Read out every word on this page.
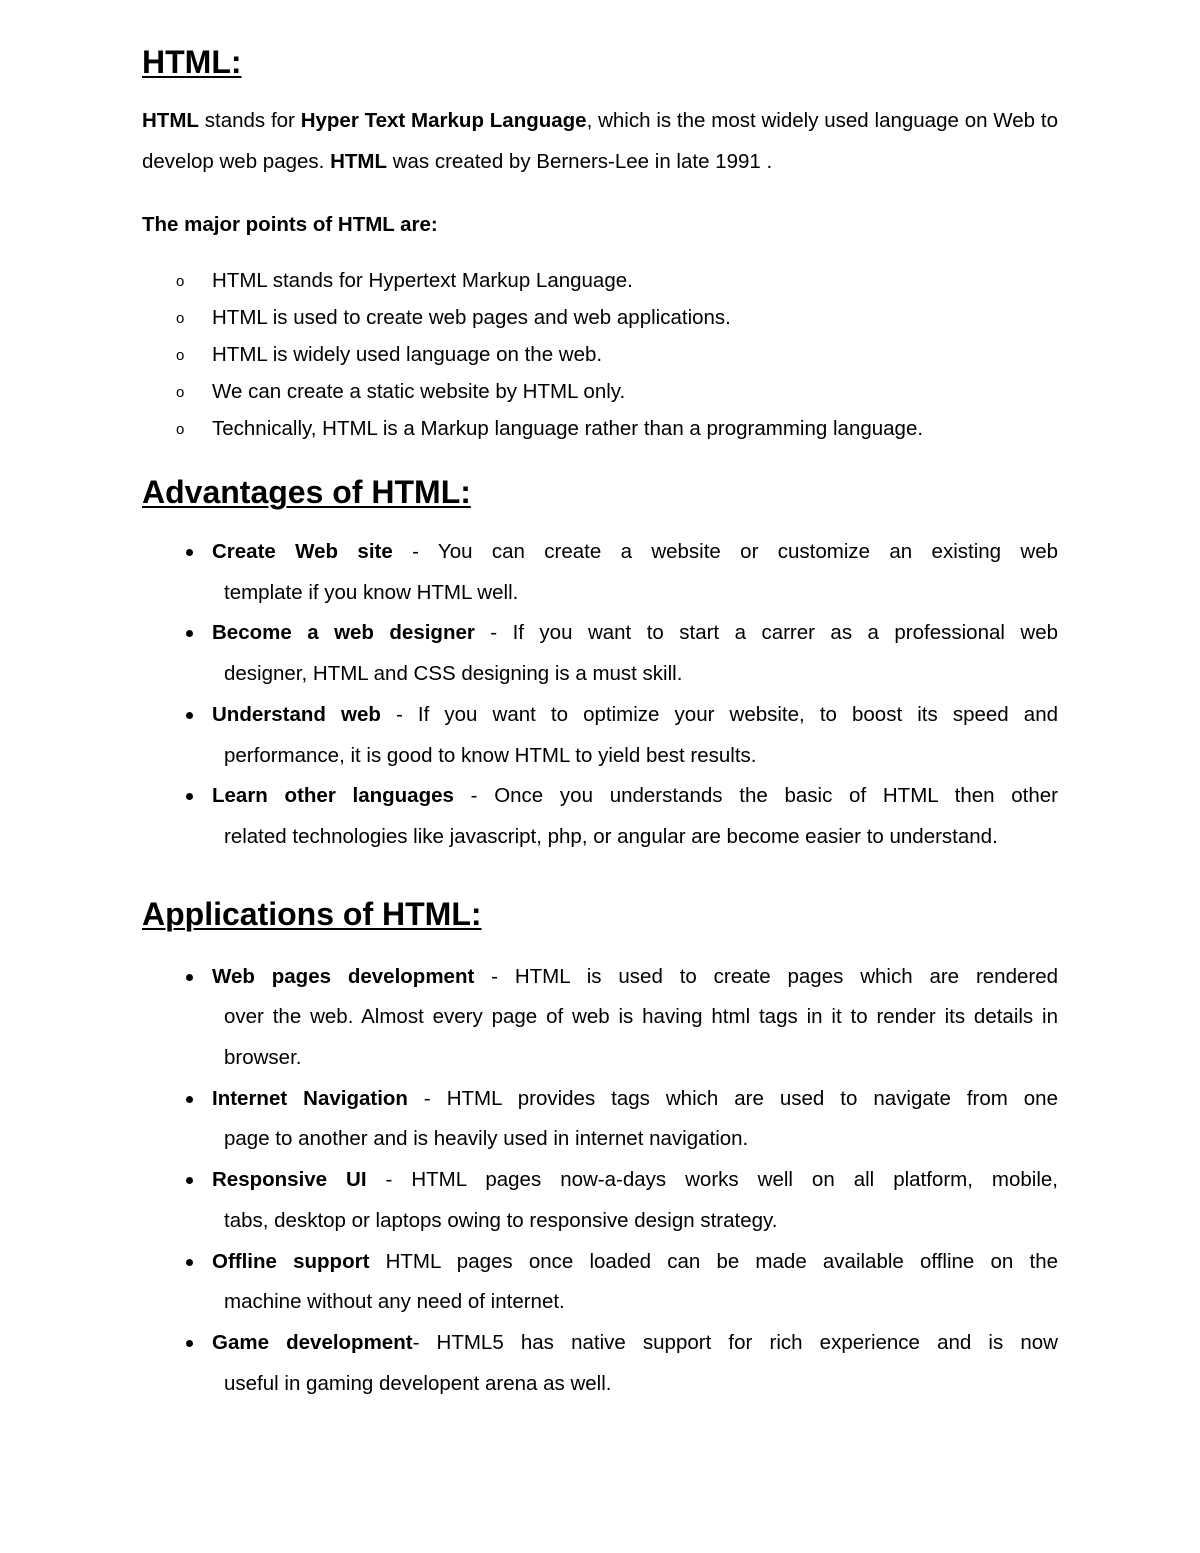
HTML:

HTML stands for Hyper Text Markup Language, which is the most widely used language on Web to develop web pages. HTML was created by Berners-Lee in late 1991 .

The major points of HTML are:

o HTML stands for Hypertext Markup Language.
o HTML is used to create web pages and web applications.
o HTML is widely used language on the web.
o We can create a static website by HTML only.
o Technically, HTML is a Markup language rather than a programming language.
Advantages of HTML:
Create Web site - You can create a website or customize an existing web
template if you know HTML well.
Become a web designer - If you want to start a carrer as a professional web
designer, HTML and CSS designing is a must skill.
Understand web - If you want to optimize your website, to boost its speed and
performance, it is good to know HTML to yield best results.
Learn other languages - Once you understands the basic of HTML then other
related technologies like javascript, php, or angular are become easier to understand.
Applications of HTML:
Web pages development - HTML is used to create pages which are rendered
over the web. Almost every page of web is having html tags in it to render its details in browser.
Internet Navigation - HTML provides tags which are used to navigate from one
page to another and is heavily used in internet navigation.
Responsive UI - HTML pages now-a-days works well on all platform, mobile,
tabs, desktop or laptops owing to responsive design strategy.
Offline support HTML pages once loaded can be made available offline on the
machine without any need of internet.
Game development- HTML5 has native support for rich experience and is now
useful in gaming developent arena as well.
